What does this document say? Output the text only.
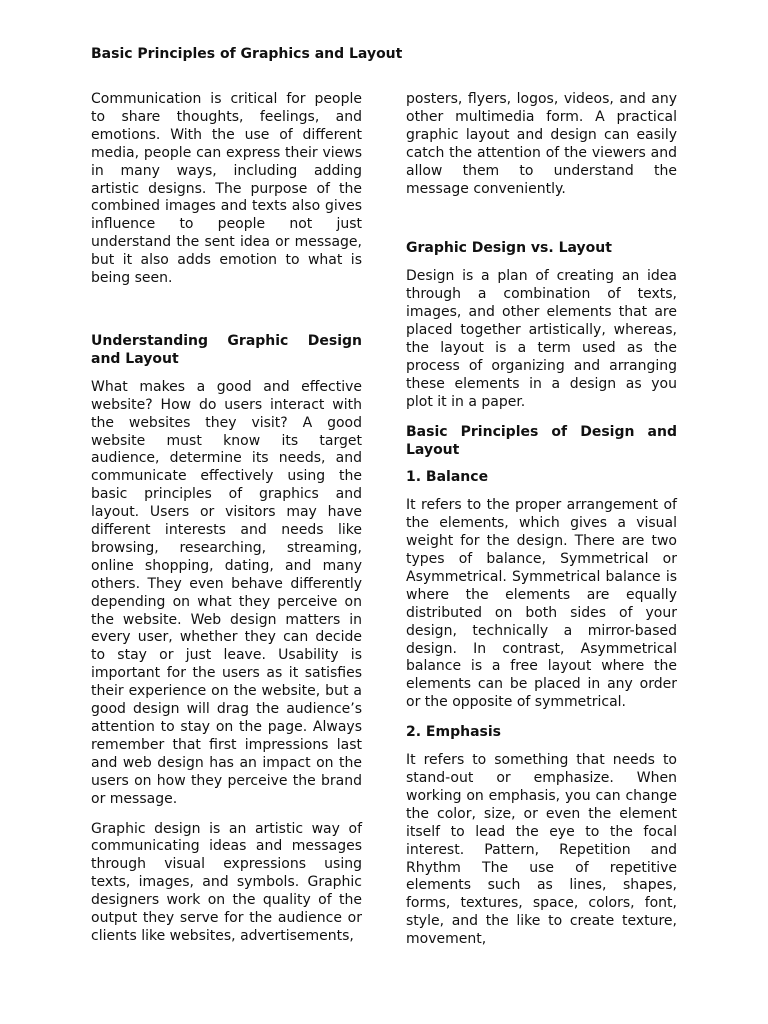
Basic Principles of Graphics and Layout

Communication is critical for people to share thoughts, feelings, and emotions. With the use of different media, people can express their views in many ways, including adding artistic designs. The purpose of the combined images and texts also gives influence to people not just understand the sent idea or message, but it also adds emotion to what is being seen.

Understanding Graphic Design and Layout

What makes a good and effective website? How do users interact with the websites they visit? A good website must know its target audience, determine its needs, and communicate effectively using the basic principles of graphics and layout. Users or visitors may have different interests and needs like browsing, researching, streaming, online shopping, dating, and many others. They even behave differently depending on what they perceive on the website. Web design matters in every user, whether they can decide to stay or just leave. Usability is important for the users as it satisfies their experience on the website, but a good design will drag the audience’s attention to stay on the page. Always remember that first impressions last and web design has an impact on the users on how they perceive the brand or message.

Graphic design is an artistic way of communicating ideas and messages through visual expressions using texts, images, and symbols. Graphic designers work on the quality of the output they serve for the audience or clients like websites, advertisements,

posters, flyers, logos, videos, and any other multimedia form. A practical graphic layout and design can easily catch the attention of the viewers and allow them to understand the message conveniently.

Graphic Design vs. Layout

Design is a plan of creating an idea through a combination of texts, images, and other elements that are placed together artistically, whereas, the layout is a term used as the process of organizing and arranging these elements in a design as you plot it in a paper.

Basic Principles of Design and Layout
1. Balance

It refers to the proper arrangement of the elements, which gives a visual weight for the design. There are two types of balance, Symmetrical or Asymmetrical. Symmetrical balance is where the elements are equally distributed on both sides of your design, technically a mirror-based design. In contrast, Asymmetrical balance is a free layout where the elements can be placed in any order or the opposite of symmetrical.

2. Emphasis

It refers to something that needs to stand-out or emphasize. When working on emphasis, you can change the color, size, or even the element itself to lead the eye to the focal interest. Pattern, Repetition and Rhythm The use of repetitive elements such as lines, shapes, forms, textures, space, colors, font, style, and the like to create texture, movement,
